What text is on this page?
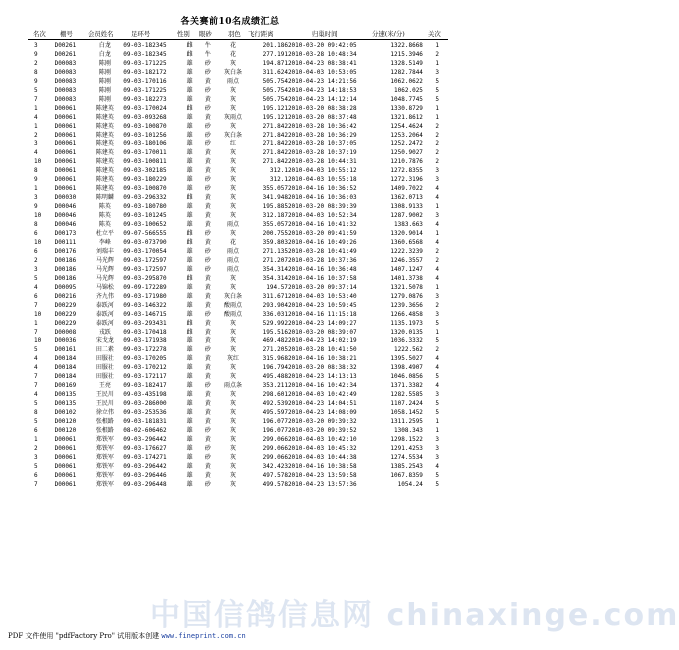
各关赛前10名成绩汇总
名次 棚号 会员姓名	足环号	性别 眼砂	羽色 飞行距离	归巢时间	分速(米/分)	关次
3	D00261	白龙	09-03-182345	雌	牛	花	201.186	2010-03-20 09:42:05	1322.8668	1
9	D00261	白龙	09-03-182345	雌	牛	花	277.191	2010-03-28 10:48:34	1215.3946	2
2	D00083	陈刚	09-03-171225	雄	砂	灰	194.871	2010-04-23 08:38:41	1328.5149	1
8	D00083	陈刚	09-03-182172	雄	砂	灰白条	311.624	2010-04-03 10:53:05	1282.7844	3
9	D00083	陈刚	09-03-170116	雄	黄	雨点	505.754	2010-04-23 14:21:56	1062.0622	5
5	D00083	陈刚	09-03-171225	雄	砂	灰	505.754	2010-04-23 14:18:53	1062.025	5
7	D00083	陈刚	09-03-182273	雄	黄	灰	505.754	2010-04-23 14:12:14	1048.7745	5
1	D00061	陈建英	09-03-170024	雌	砂	灰	195.121	2010-03-20 08:38:28	1330.8729	1
4	D00061	陈建英	09-03-093268	雄	黄	灰雨点	195.121	2010-03-20 08:37:48	1321.8612	1
1	D00061	陈建英	09-03-100870	雄	砂	灰	271.842	2010-03-28 10:36:42	1254.4624	2
2	D00061	陈建英	09-03-101256	雄	砂	灰白条	271.842	2010-03-28 10:36:29	1253.2064	2
3	D00061	陈建英	09-03-180106	雄	砂	红	271.842	2010-03-28 10:37:05	1252.2472	2
4	D00061	陈建英	09-03-170011	雄	黄	灰	271.842	2010-03-28 10:37:19	1250.9027	2
10	D00061	陈建英	09-03-100811	雄	黄	灰	271.842	2010-03-28 10:44:31	1210.7876	2
8	D00061	陈建英	09-03-302185	雄	黄	灰	312.1	2010-04-03 10:55:12	1272.8355	3
9	D00061	陈建英	09-03-180229	雄	砂	灰	312.1	2010-04-03 10:55:18	1272.3196	3
1	D00061	陈建英	09-03-100870	雄	砂	灰	355.057	2010-04-16 10:36:52	1409.7022	4
3	D00030	陈明麟	09-03-296332	雌	黄	灰	341.948	2010-04-16 10:36:03	1362.0713	4
9	D00046	陈英	09-03-180780	雄	黄	灰	195.885	2010-03-20 08:39:39	1308.9133	1
10	D00046	陈英	09-03-101245	雄	黄	灰	312.187	2010-04-03 10:52:34	1287.9002	3
8	D00046	陈英	09-03-100652	雄	黄	雨点	355.057	2010-04-16 10:41:32	1383.663	4
6	D00173	杜立平	09-07-566555	雌	砂	灰	200.755	2010-03-20 09:41:59	1320.9014	1
10	D00111	李峰	09-03-073790	雌	黄	花	359.803	2010-04-16 10:49:26	1360.6568	4
6	D00176	刘瑞丰	09-03-170054	雄	砂	雨点	271.135	2010-03-28 10:41:49	1222.3239	2
2	D00186	马光辉	09-03-172597	雄	砂	雨点	271.207	2010-03-28 10:37:36	1246.3557	2
3	D00186	马光辉	09-03-172597	雄	砂	雨点	354.314	2010-04-16 10:36:48	1407.1247	4
5	D00186	马光辉	09-03-295870	雌	黄	灰	354.314	2010-04-16 10:37:58	1401.3738	4
4	D00095	马锦松	09-09-172289	雄	黄	灰	194.57	2010-03-20 09:37:14	1321.5078	1
6	D00216	齐九伟	09-03-171980	雄	黄	灰白条	311.671	2010-04-03 10:53:40	1279.0876	3
7	D00229	泰跃河	09-03-146322	雄	黄	酸雨点	293.904	2010-04-23 10:59:45	1239.3656	2
10	D00229	泰跃河	09-03-146715	雄	砂	酸雨点	336.031	2010-04-16 11:15:18	1266.4858	3
1	D00229	泰跃河	09-03-293431	雌	黄	灰	529.992	2010-04-23 14:09:27	1135.1973	5
7	D00008	戎跃	09-03-170418	雌	黄	灰	195.516	2010-03-20 08:39:07	1320.0135	1
10	D00036	宋戈龙	09-03-171938	雄	黄	灰	469.482	2010-04-23 14:02:19	1036.3332	5
5	D00161	田二素	09-03-172278	雄	砂	灰	271.205	2010-03-28 10:41:50	1222.562	2
4	D00184	田服社	09-03-170205	雄	黄	灰红	315.968	2010-04-16 10:38:21	1395.5027	4
4	D00184	田服社	09-03-170212	雄	黄	灰	196.794	2010-03-20 08:38:32	1398.4907	4
7	D00184	田服社	09-03-172117	雄	黄	灰	495.488	2010-04-23 14:13:13	1046.0856	5
7	D00169	王亮	09-03-182417	雄	砂	雨点条	353.211	2010-04-16 10:42:34	1371.3382	4
4	D00135	王民川	09-03-435198	雄	黄	灰	298.601	2010-04-03 10:42:49	1282.5585	3
5	D00135	王民川	09-03-286000	雄	黄	灰	492.539	2010-04-23 14:04:51	1107.2424	5
8	D00102	徐立伟	09-03-253536	雄	黄	灰	495.597	2010-04-23 14:08:09	1058.1452	5
5	D00120	张根路	09-03-181831	雄	黄	灰	196.077	2010-03-20 09:39:32	1311.2595	1
6	D00120	张根路	08-02-606462	雄	砂	灰	196.077	2010-03-20 09:39:52	1308.343	1
1	D00061	郑铁军	09-03-296442	雄	黄	灰	299.066	2010-04-03 10:42:10	1298.1522	3
2	D00061	郑铁军	09-03-176627	雄	砂	灰	299.066	2010-04-03 10:45:32	1291.4253	3
3	D00061	郑铁军	09-03-174271	雄	砂	灰	299.066	2010-04-03 10:44:38	1274.5534	3
5	D00061	郑铁军	09-03-296442	雄	黄	灰	342.423	2010-04-16 10:38:58	1385.2543	4
6	D00061	郑铁军	09-03-296446	雄	黄	灰	497.578	2010-04-23 13:59:58	1067.8359	5
7	D00061	郑铁军	09-03-296448	雄	砂	灰	499.578	2010-04-23 13:57:36	1054.24	5
中国信鸽信息网 chinaxinge.com
PDF 文件使用 "pdfFactory Pro" 试用版本创建 www.fineprint.com.cn
